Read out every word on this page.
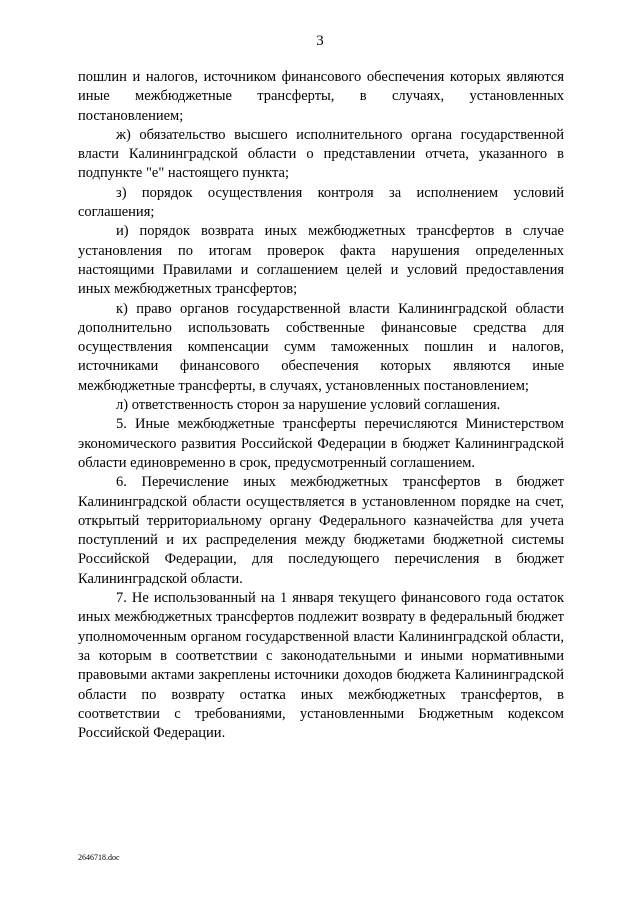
3

пошлин и налогов, источником финансового обеспечения которых являются иные межбюджетные трансферты, в случаях, установленных постановлением;

ж) обязательство высшего исполнительного органа государственной власти Калининградской области о представлении отчета, указанного в подпункте "е" настоящего пункта;

з) порядок осуществления контроля за исполнением условий соглашения;

и) порядок возврата иных межбюджетных трансфертов в случае установления по итогам проверок факта нарушения определенных настоящими Правилами и соглашением целей и условий предоставления иных межбюджетных трансфертов;

к) право органов государственной власти Калининградской области дополнительно использовать собственные финансовые средства для осуществления компенсации сумм таможенных пошлин и налогов, источниками финансового обеспечения которых являются иные межбюджетные трансферты, в случаях, установленных постановлением;

л) ответственность сторон за нарушение условий соглашения.

5. Иные межбюджетные трансферты перечисляются Министерством экономического развития Российской Федерации в бюджет Калининградской области единовременно в срок, предусмотренный соглашением.

6. Перечисление иных межбюджетных трансфертов в бюджет Калининградской области осуществляется в установленном порядке на счет, открытый территориальному органу Федерального казначейства для учета поступлений и их распределения между бюджетами бюджетной системы Российской Федерации, для последующего перечисления в бюджет Калининградской области.

7. Не использованный на 1 января текущего финансового года остаток иных межбюджетных трансфертов подлежит возврату в федеральный бюджет уполномоченным органом государственной власти Калининградской области, за которым в соответствии с законодательными и иными нормативными правовыми актами закреплены источники доходов бюджета Калининградской области по возврату остатка иных межбюджетных трансфертов, в соответствии с требованиями, установленными Бюджетным кодексом Российской Федерации.

2646718.doc
